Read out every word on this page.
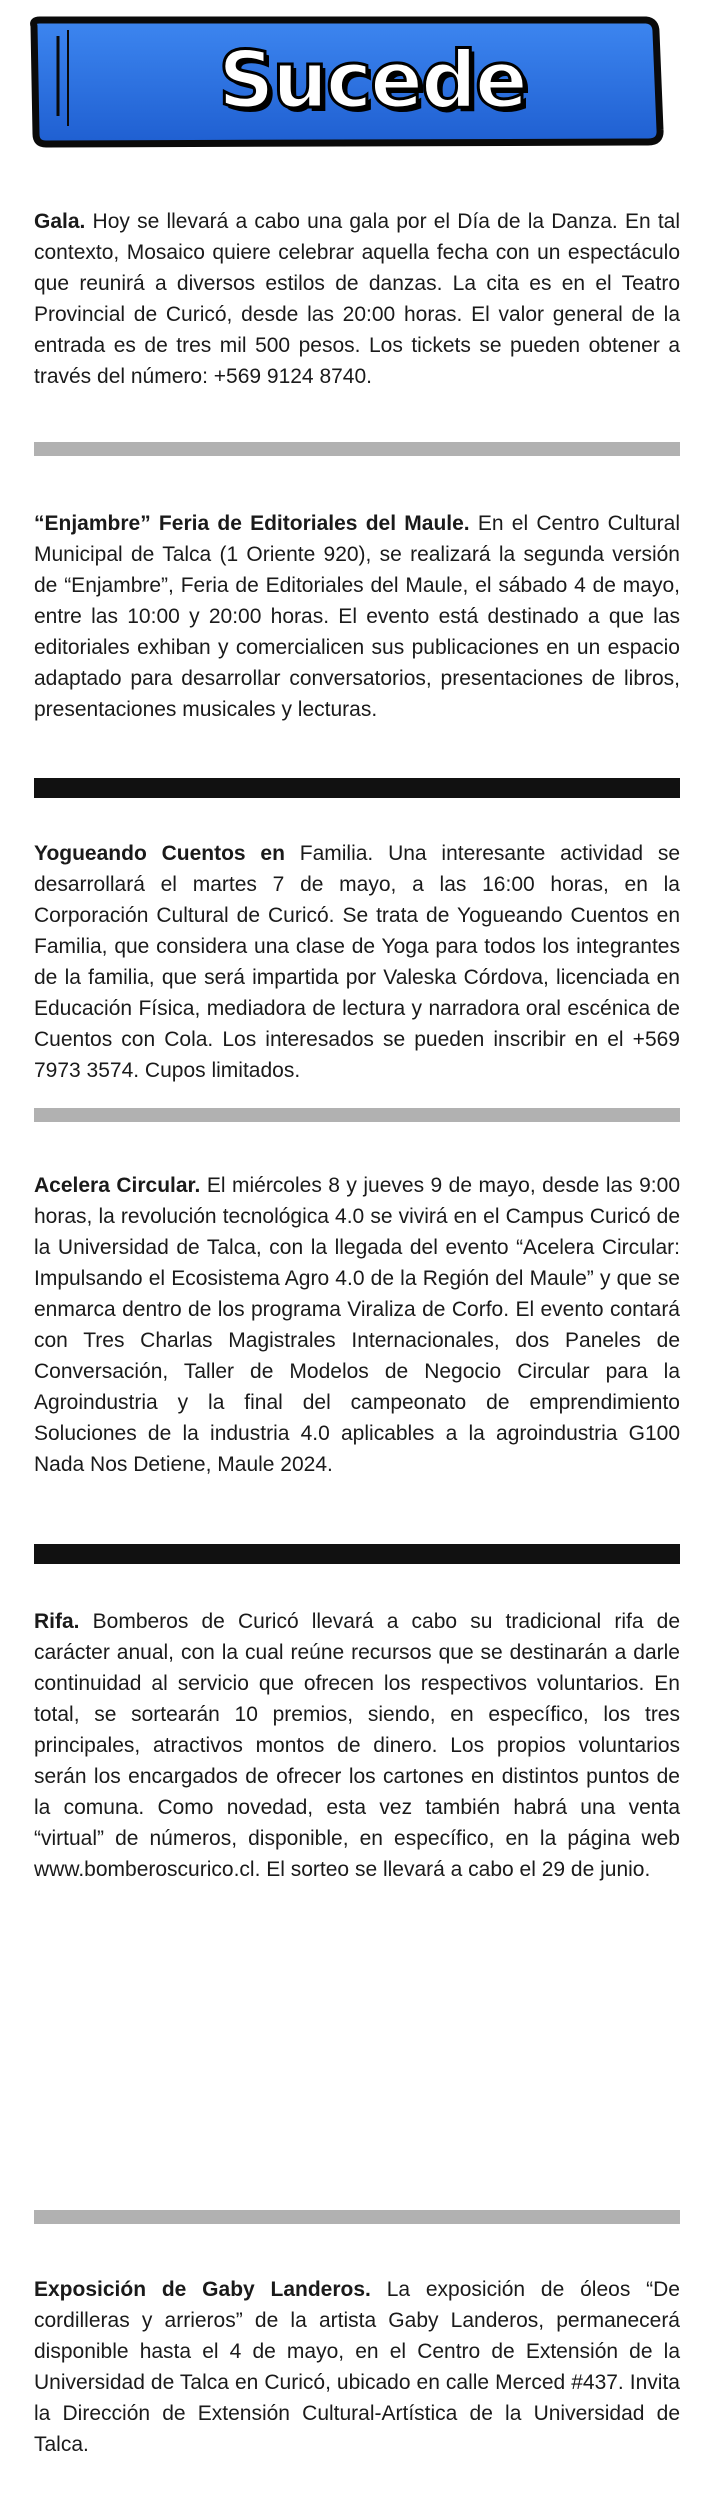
Sucede

Gala. Hoy se llevará a cabo una gala por el Día de la Danza. En tal contexto, Mosaico quiere celebrar aquella fecha con un espectáculo que reunirá a diversos estilos de danzas. La cita es en el Teatro Provincial de Curicó, desde las 20:00 horas. El valor general de la entrada es de tres mil 500 pesos. Los tickets se pueden obtener a través del número: +569 9124 8740.

“Enjambre” Feria de Editoriales del Maule. En el Centro Cultural Municipal de Talca (1 Oriente 920), se realizará la segunda versión de “Enjambre”, Feria de Editoriales del Maule, el sábado 4 de mayo, entre las 10:00 y 20:00 horas. El evento está destinado a que las editoriales exhiban y comercialicen sus publicaciones en un espacio adaptado para desarrollar conversatorios, presentaciones de libros, presentaciones musicales y lecturas.

Yogueando Cuentos en Familia. Una interesante actividad se desarrollará el martes 7 de mayo, a las 16:00 horas, en la Corporación Cultural de Curicó. Se trata de Yogueando Cuentos en Familia, que considera una clase de Yoga para todos los integrantes de la familia, que será impartida por Valeska Córdova, licenciada en Educación Física, mediadora de lectura y narradora oral escénica de Cuentos con Cola. Los interesados se pueden inscribir en el +569 7973 3574. Cupos limitados.

Acelera Circular. El miércoles 8 y jueves 9 de mayo, desde las 9:00 horas, la revolución tecnológica 4.0 se vivirá en el Campus Curicó de la Universidad de Talca, con la llegada del evento “Acelera Circular: Impulsando el Ecosistema Agro 4.0 de la Región del Maule” y que se enmarca dentro de los programa Viraliza de Corfo. El evento contará con Tres Charlas Magistrales Internacionales, dos Paneles de Conversación, Taller de Modelos de Negocio Circular para la Agroindustria y la final del campeonato de emprendimiento Soluciones de la industria 4.0 aplicables a la agroindustria G100 Nada Nos Detiene, Maule 2024.

Rifa. Bomberos de Curicó llevará a cabo su tradicional rifa de carácter anual, con la cual reúne recursos que se destinarán a darle continuidad al servicio que ofrecen los respectivos voluntarios. En total, se sortearán 10 premios, siendo, en específico, los tres principales, atractivos montos de dinero. Los propios voluntarios serán los encargados de ofrecer los cartones en distintos puntos de la comuna. Como novedad, esta vez también habrá una venta “virtual” de números, disponible, en específico, en la página web www.bomberoscurico.cl. El sorteo se llevará a cabo el 29 de junio.

Exposición de Gaby Landeros. La exposición de óleos “De cordilleras y arrieros” de la artista Gaby Landeros, permanecerá disponible hasta el 4 de mayo, en el Centro de Extensión de la Universidad de Talca en Curicó, ubicado en calle Merced #437. Invita la Dirección de Extensión Cultural-Artística de la Universidad de Talca.
